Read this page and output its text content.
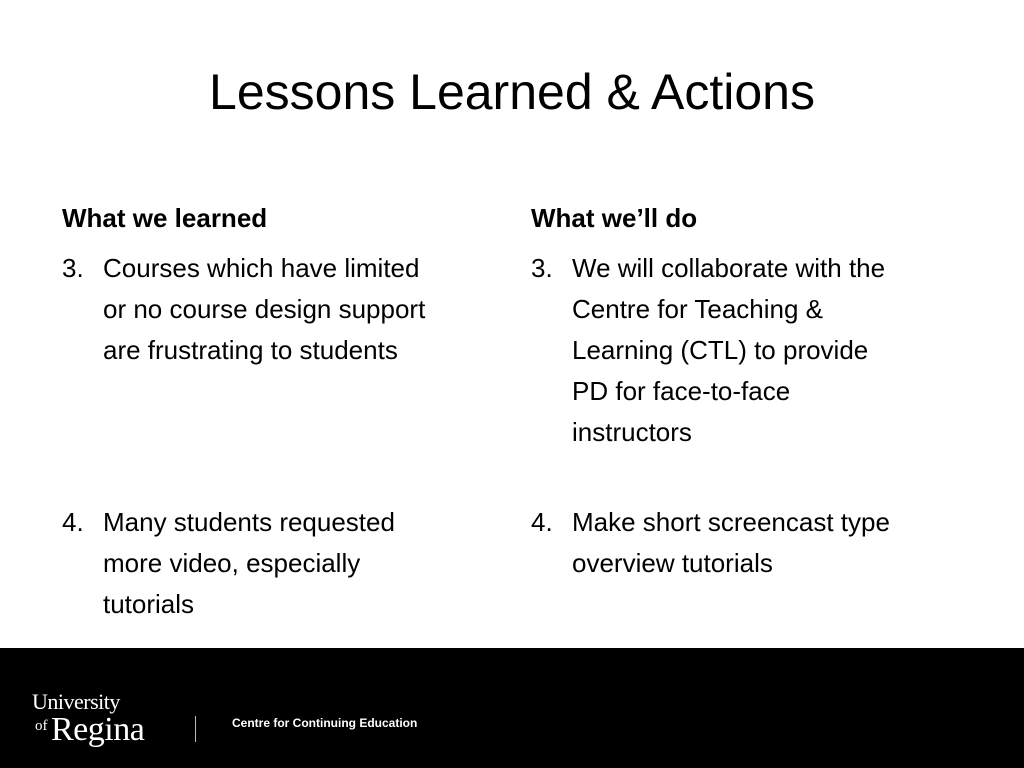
Lessons Learned & Actions
What we learned
3. Courses which have limited
or no course design support
are frustrating to students
4. Many students requested
more video, especially
tutorials
What we’ll do
3. We will collaborate with the
Centre for Teaching &
Learning (CTL) to provide
PD for face-to-face
instructors
4. Make short screencast type
overview tutorials
University
of Regina	Centre for Continuing Education
